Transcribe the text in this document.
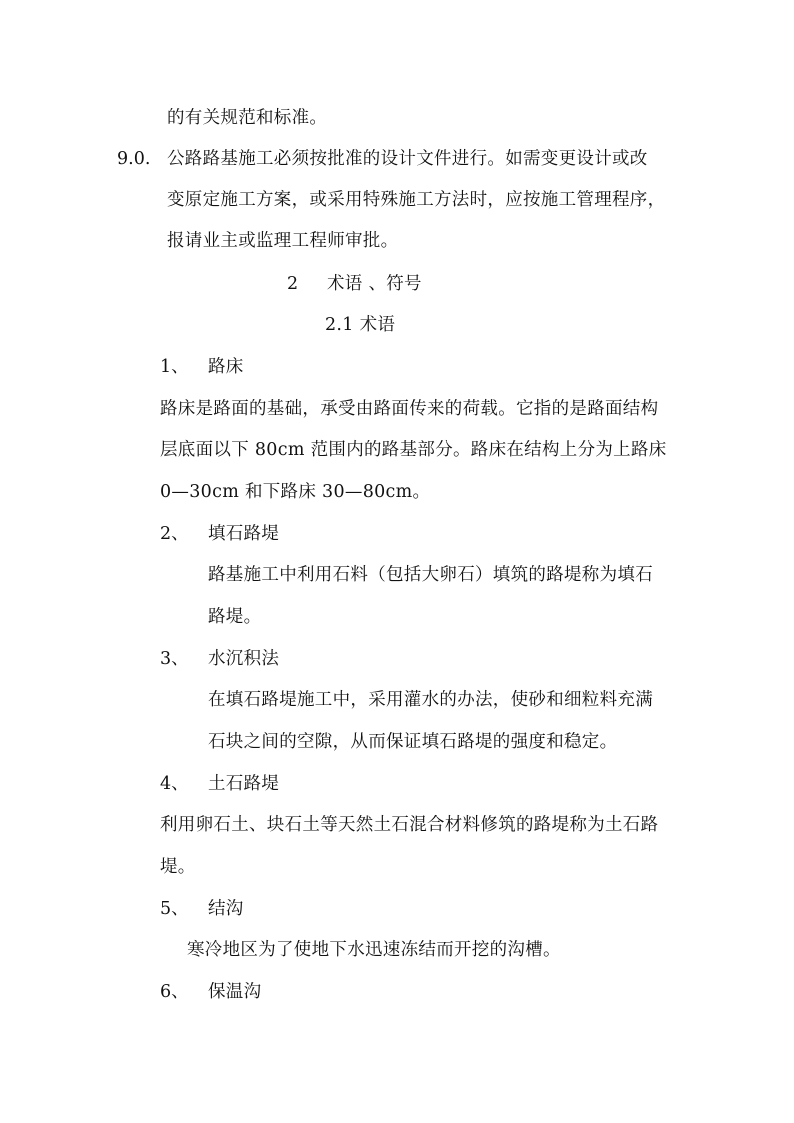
的有关规范和标准。
9.0. 公路路基施工必须按批准的设计文件进行。如需变更设计或改
变原定施工方案，或采用特殊施工方法时，应按施工管理程序，
报请业主或监理工程师审批。
2 术语 、符号
2.1 术语
1、 路床
路床是路面的基础，承受由路面传来的荷载。它指的是路面结构
层底面以下 80cm 范围内的路基部分。路床在结构上分为上路床
0—30cm 和下路床 30—80cm。
2、 填石路堤
路基施工中利用石料（包括大卵石）填筑的路堤称为填石
路堤。
3、 水沉积法
在填石路堤施工中，采用灌水的办法，使砂和细粒料充满
石块之间的空隙，从而保证填石路堤的强度和稳定。
4、 土石路堤
利用卵石土、块石土等天然土石混合材料修筑的路堤称为土石路
堤。
5、 结沟
寒冷地区为了使地下水迅速冻结而开挖的沟槽。
6、 保温沟
